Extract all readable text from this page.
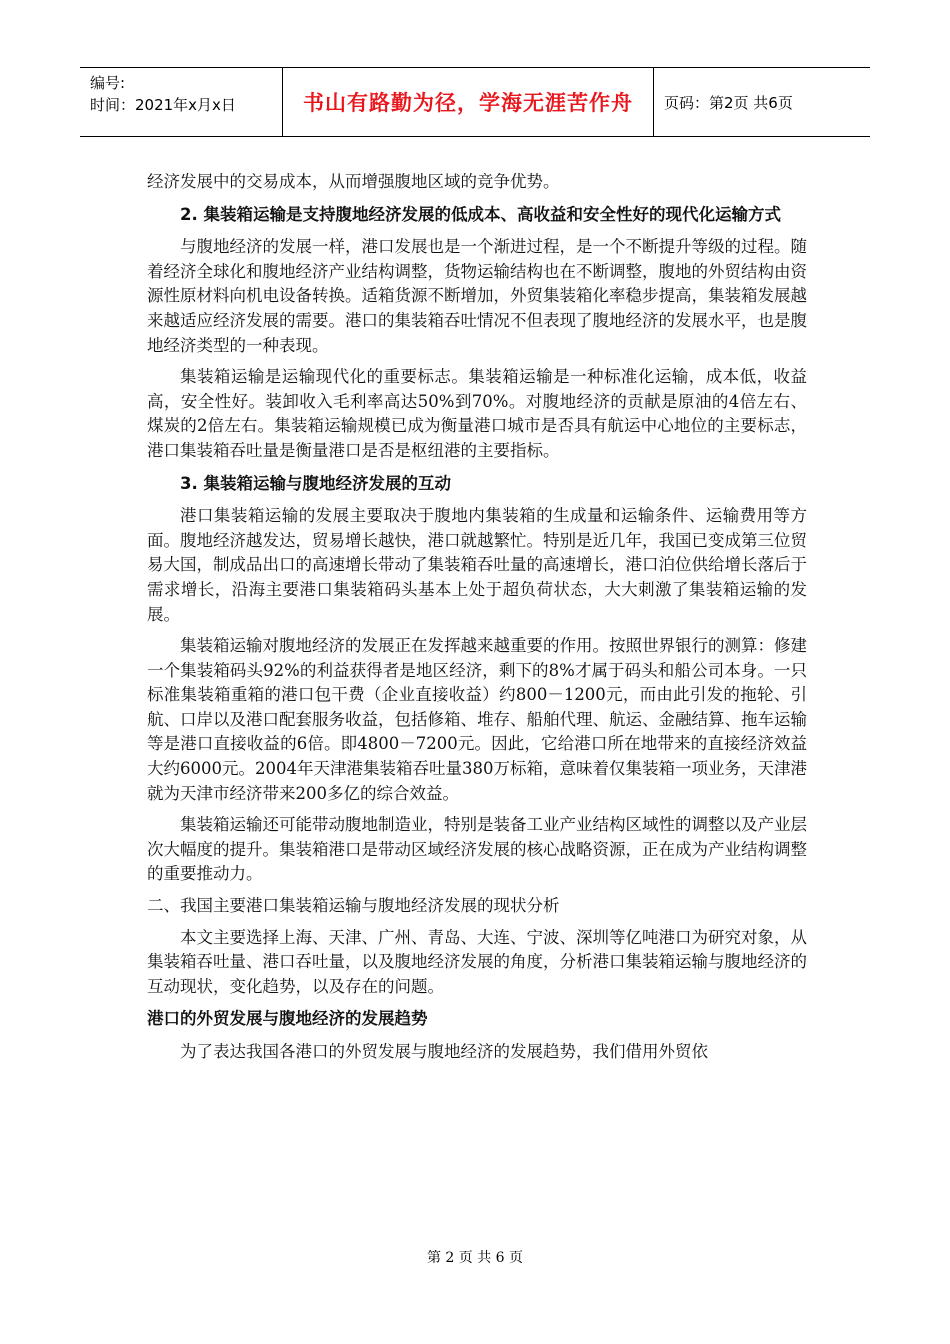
编号:
时间：2021年x月x日	书山有路勤为径，学海无涯苦作舟	页码：第2页 共6页

经济发展中的交易成本，从而增强腹地区域的竞争优势。

2. 集装箱运输是支持腹地经济发展的低成本、高收益和安全性好的现代化运输方式

与腹地经济的发展一样，港口发展也是一个渐进过程，是一个不断提升等级的过程。随着经济全球化和腹地经济产业结构调整，货物运输结构也在不断调整，腹地的外贸结构由资源性原材料向机电设备转换。适箱货源不断增加，外贸集装箱化率稳步提高，集装箱发展越来越适应经济发展的需要。港口的集装箱吞吐情况不但表现了腹地经济的发展水平，也是腹地经济类型的一种表现。

集装箱运输是运输现代化的重要标志。集装箱运输是一种标准化运输，成本低，收益高，安全性好。装卸收入毛利率高达50%到70%。对腹地经济的贡献是原油的4倍左右、煤炭的2倍左右。集装箱运输规模已成为衡量港口城市是否具有航运中心地位的主要标志，港口集装箱吞吐量是衡量港口是否是枢纽港的主要指标。

3. 集装箱运输与腹地经济发展的互动

港口集装箱运输的发展主要取决于腹地内集装箱的生成量和运输条件、运输费用等方面。腹地经济越发达，贸易增长越快，港口就越繁忙。特别是近几年，我国已变成第三位贸易大国，制成品出口的高速增长带动了集装箱吞吐量的高速增长，港口泊位供给增长落后于需求增长，沿海主要港口集装箱码头基本上处于超负荷状态，大大刺激了集装箱运输的发展。

集装箱运输对腹地经济的发展正在发挥越来越重要的作用。按照世界银行的测算：修建一个集装箱码头92%的利益获得者是地区经济，剩下的8%才属于码头和船公司本身。一只标准集装箱重箱的港口包干费（企业直接收益）约800－1200元，而由此引发的拖轮、引航、口岸以及港口配套服务收益，包括修箱、堆存、船舶代理、航运、金融结算、拖车运输等是港口直接收益的6倍。即4800－7200元。因此，它给港口所在地带来的直接经济效益大约6000元。2004年天津港集装箱吞吐量380万标箱，意味着仅集装箱一项业务，天津港就为天津市经济带来200多亿的综合效益。

集装箱运输还可能带动腹地制造业，特别是装备工业产业结构区域性的调整以及产业层次大幅度的提升。集装箱港口是带动区域经济发展的核心战略资源，正在成为产业结构调整的重要推动力。

二、我国主要港口集装箱运输与腹地经济发展的现状分析

本文主要选择上海、天津、广州、青岛、大连、宁波、深圳等亿吨港口为研究对象，从集装箱吞吐量、港口吞吐量，以及腹地经济发展的角度，分析港口集装箱运输与腹地经济的互动现状，变化趋势，以及存在的问题。

港口的外贸发展与腹地经济的发展趋势

为了表达我国各港口的外贸发展与腹地经济的发展趋势，我们借用外贸依

第 2 页 共 6 页
